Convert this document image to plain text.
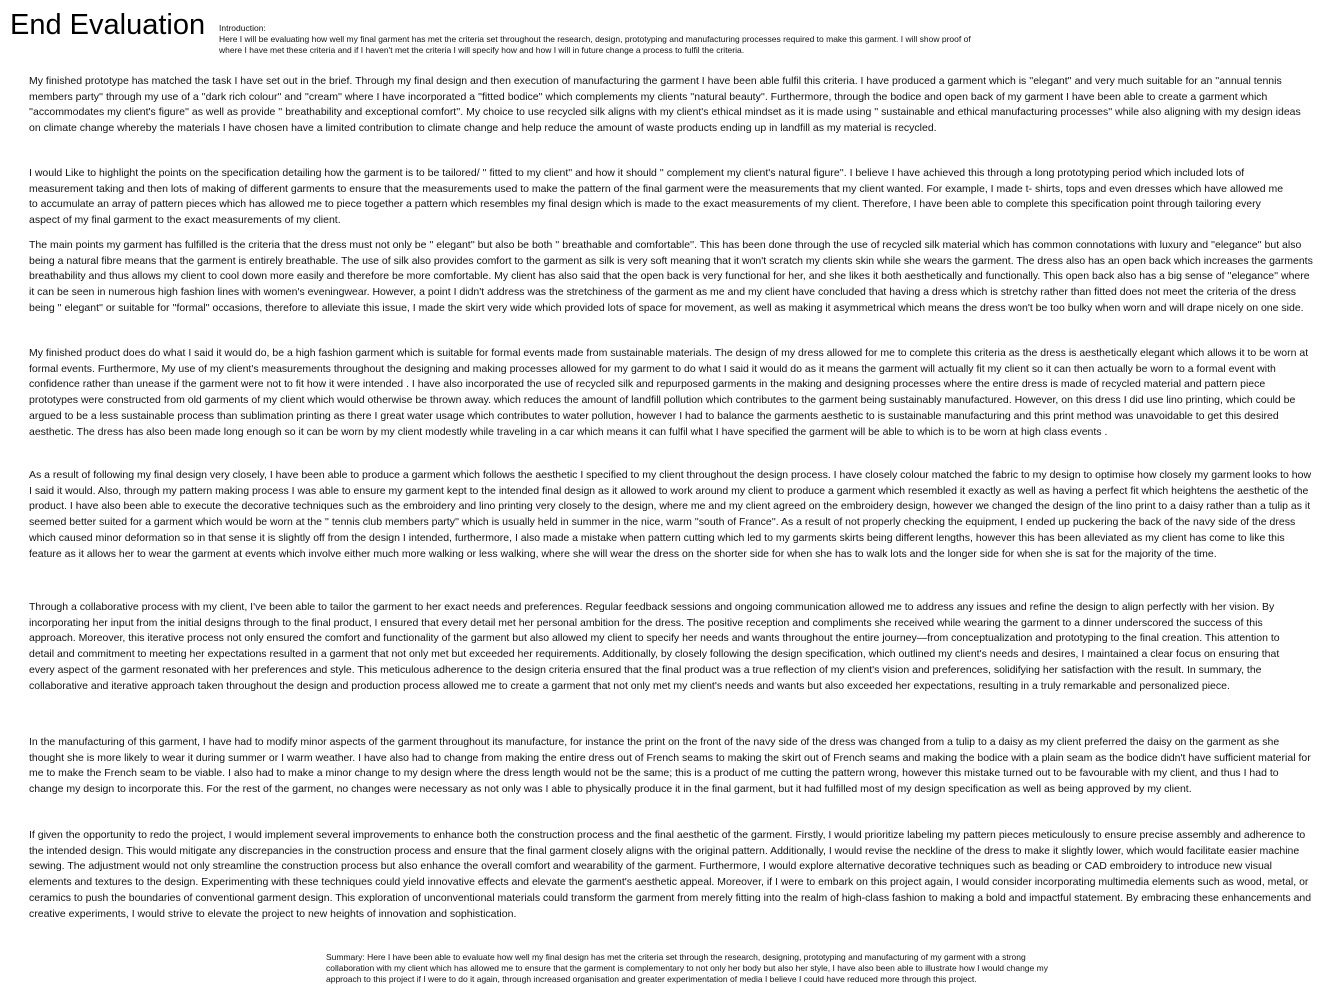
End Evaluation Introduction:
Here I will be evaluating how well my final garment has met the criteria set throughout the research, design, prototyping and manufacturing processes required to make this garment. I will show proof of where I have met these criteria and if I haven't met the criteria I will specify how and how I will in future change a process to fulfil the criteria.

My finished prototype has matched the task I have set out in the brief. Through my final design and then execution of manufacturing the garment I have been able fulfil this criteria. I have produced a garment which is ''elegant'' and very much suitable for an ''annual tennis members party'' through my use of a ''dark rich colour'' and ''cream'' where I have incorporated a ''fitted bodice'' which complements my clients ''natural beauty''. Furthermore, through the bodice and open back of my garment I have been able to create a garment which ''accommodates my client's figure'' as well as provide '' breathability and exceptional comfort''. My choice to use recycled silk aligns with my client's ethical mindset as it is made using '' sustainable and ethical manufacturing processes'' while also aligning with my design ideas on climate change whereby the materials I have chosen have a limited contribution to climate change and help reduce the amount of waste products ending up in landfill as my material is recycled.

I would Like to highlight the points on the specification detailing how the garment is to be tailored/ '' fitted to my client'' and how it should '' complement my client's natural figure''. I believe I have achieved this through a long prototyping period which included lots of measurement taking and then lots of making of different garments to ensure that the measurements used to make the pattern of the final garment were the measurements that my client wanted. For example, I made t- shirts, tops and even dresses which have allowed me to accumulate an array of pattern pieces which has allowed me to piece together a pattern which resembles my final design which is made to the exact measurements of my client. Therefore, I have been able to complete this specification point through tailoring every aspect of my final garment to the exact measurements of my client.

The main points my garment has fulfilled is the criteria that the dress must not only be '' elegant'' but also be both '' breathable and comfortable''. This has been done through the use of recycled silk material which has common connotations with luxury and ''elegance'' but also being a natural fibre means that the garment is entirely breathable. The use of silk also provides comfort to the garment as silk is very soft meaning that it won't scratch my clients skin while she wears the garment. The dress also has an open back which increases the garments breathability and thus allows my client to cool down more easily and therefore be more comfortable. My client has also said that the open back is very functional for her, and she likes it both aesthetically and functionally. This open back also has a big sense of ''elegance'' where it can be seen in numerous high fashion lines with women's eveningwear. However, a point I didn't address was the stretchiness of the garment as me and my client have concluded that having a dress which is stretchy rather than fitted does not meet the criteria of the dress being '' elegant'' or suitable for ''formal'' occasions, therefore to alleviate this issue, I made the skirt very wide which provided lots of space for movement, as well as making it asymmetrical which means the dress won't be too bulky when worn and will drape nicely on one side.

My finished product does do what I said it would do, be a high fashion garment which is suitable for formal events made from sustainable materials. The design of my dress allowed for me to complete this criteria as the dress is aesthetically elegant which allows it to be worn at formal events. Furthermore, My use of my client's measurements throughout the designing and making processes allowed for my garment to do what I said it would do as it means the garment will actually fit my client so it can then actually be worn to a formal event with confidence rather than unease if the garment were not to fit how it were intended . I have also incorporated the use of recycled silk and repurposed garments in the making and designing processes where the entire dress is made of recycled material and pattern piece prototypes were constructed from old garments of my client which would otherwise be thrown away. which reduces the amount of landfill pollution which contributes to the garment being sustainably manufactured. However, on this dress I did use lino printing, which could be argued to be a less sustainable process than sublimation printing as there I great water usage which contributes to water pollution, however I had to balance the garments aesthetic to is sustainable manufacturing and this print method was unavoidable to get this desired aesthetic. The dress has also been made long enough so it can be worn by my client modestly while traveling in a car which means it can fulfil what I have specified the garment will be able to which is to be worn at high class events .

As a result of following my final design very closely, I have been able to produce a garment which follows the aesthetic I specified to my client throughout the design process. I have closely colour matched the fabric to my design to optimise how closely my garment looks to how I said it would. Also, through my pattern making process I was able to ensure my garment kept to the intended final design as it allowed to work around my client to produce a garment which resembled it exactly as well as having a perfect fit which heightens the aesthetic of the product. I have also been able to execute the decorative techniques such as the embroidery and lino printing very closely to the design, where me and my client agreed on the embroidery design, however we changed the design of the lino print to a daisy rather than a tulip as it seemed better suited for a garment which would be worn at the '' tennis club members party'' which is usually held in summer in the nice, warm ''south of France''. As a result of not properly checking the equipment, I ended up puckering the back of the navy side of the dress which caused minor deformation so in that sense it is slightly off from the design I intended, furthermore, I also made a mistake when pattern cutting which led to my garments skirts being different lengths, however this has been alleviated as my client has come to like this feature as it allows her to wear the garment at events which involve either much more walking or less walking, where she will wear the dress on the shorter side for when she has to walk lots and the longer side for when she is sat for the majority of the time.

Through a collaborative process with my client, I've been able to tailor the garment to her exact needs and preferences. Regular feedback sessions and ongoing communication allowed me to address any issues and refine the design to align perfectly with her vision. By incorporating her input from the initial designs through to the final product, I ensured that every detail met her personal ambition for the dress. The positive reception and compliments she received while wearing the garment to a dinner underscored the success of this approach. Moreover, this iterative process not only ensured the comfort and functionality of the garment but also allowed my client to specify her needs and wants throughout the entire journey—from conceptualization and prototyping to the final creation. This attention to detail and commitment to meeting her expectations resulted in a garment that not only met but exceeded her requirements. Additionally, by closely following the design specification, which outlined my client's needs and desires, I maintained a clear focus on ensuring that every aspect of the garment resonated with her preferences and style. This meticulous adherence to the design criteria ensured that the final product was a true reflection of my client's vision and preferences, solidifying her satisfaction with the result. In summary, the collaborative and iterative approach taken throughout the design and production process allowed me to create a garment that not only met my client's needs and wants but also exceeded her expectations, resulting in a truly remarkable and personalized piece.

In the manufacturing of this garment, I have had to modify minor aspects of the garment throughout its manufacture, for instance the print on the front of the navy side of the dress was changed from a tulip to a daisy as my client preferred the daisy on the garment as she thought she is more likely to wear it during summer or I warm weather. I have also had to change from making the entire dress out of French seams to making the skirt out of French seams and making the bodice with a plain seam as the bodice didn't have sufficient material for me to make the French seam to be viable. I also had to make a minor change to my design where the dress length would not be the same; this is a product of me cutting the pattern wrong, however this mistake turned out to be favourable with my client, and thus I had to change my design to incorporate this. For the rest of the garment, no changes were necessary as not only was I able to physically produce it in the final garment, but it had fulfilled most of my design specification as well as being approved by my client.

If given the opportunity to redo the project, I would implement several improvements to enhance both the construction process and the final aesthetic of the garment. Firstly, I would prioritize labeling my pattern pieces meticulously to ensure precise assembly and adherence to the intended design. This would mitigate any discrepancies in the construction process and ensure that the final garment closely aligns with the original pattern. Additionally, I would revise the neckline of the dress to make it slightly lower, which would facilitate easier machine sewing. The adjustment would not only streamline the construction process but also enhance the overall comfort and wearability of the garment. Furthermore, I would explore alternative decorative techniques such as beading or CAD embroidery to introduce new visual elements and textures to the design. Experimenting with these techniques could yield innovative effects and elevate the garment's aesthetic appeal. Moreover, if I were to embark on this project again, I would consider incorporating multimedia elements such as wood, metal, or ceramics to push the boundaries of conventional garment design. This exploration of unconventional materials could transform the garment from merely fitting into the realm of high-class fashion to making a bold and impactful statement. By embracing these enhancements and creative experiments, I would strive to elevate the project to new heights of innovation and sophistication.

Summary: Here I have been able to evaluate how well my final design has met the criteria set through the research, designing, prototyping and manufacturing of my garment with a strong collaboration with my client which has allowed me to ensure that the garment is complementary to not only her body but also her style, I have also been able to illustrate how I would change my approach to this project if I were to do it again, through increased organisation and greater experimentation of media I believe I could have reduced more through this project.
